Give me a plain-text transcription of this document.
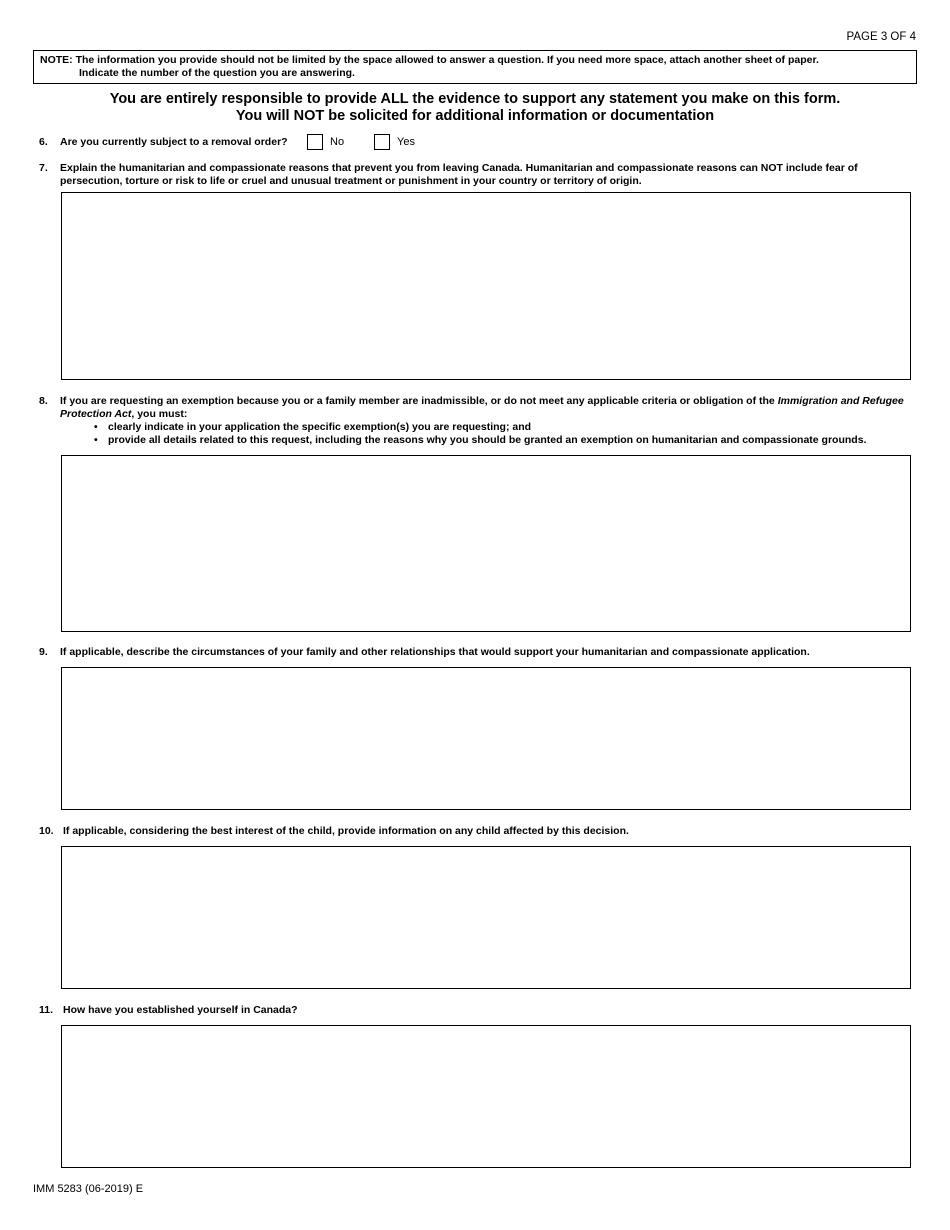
PAGE 3 OF 4
NOTE: The information you provide should not be limited by the space allowed to answer a question. If you need more space, attach another sheet of paper.
Indicate the number of the question you are answering.
You are entirely responsible to provide ALL the evidence to support any statement you make on this form.
You will NOT be solicited for additional information or documentation
6. Are you currently subject to a removal order?	No	Yes
7. Explain the humanitarian and compassionate reasons that prevent you from leaving Canada. Humanitarian and compassionate reasons can NOT include fear of persecution, torture or risk to life or cruel and unusual treatment or punishment in your country or territory of origin.
8. If you are requesting an exemption because you or a family member are inadmissible, or do not meet any applicable criteria or obligation of the Immigration and Refugee Protection Act, you must:
• clearly indicate in your application the specific exemption(s) you are requesting; and
• provide all details related to this request, including the reasons why you should be granted an exemption on humanitarian and compassionate grounds.
9. If applicable, describe the circumstances of your family and other relationships that would support your humanitarian and compassionate application.
10. If applicable, considering the best interest of the child, provide information on any child affected by this decision.
11. How have you established yourself in Canada?
IMM 5283 (06-2019) E
